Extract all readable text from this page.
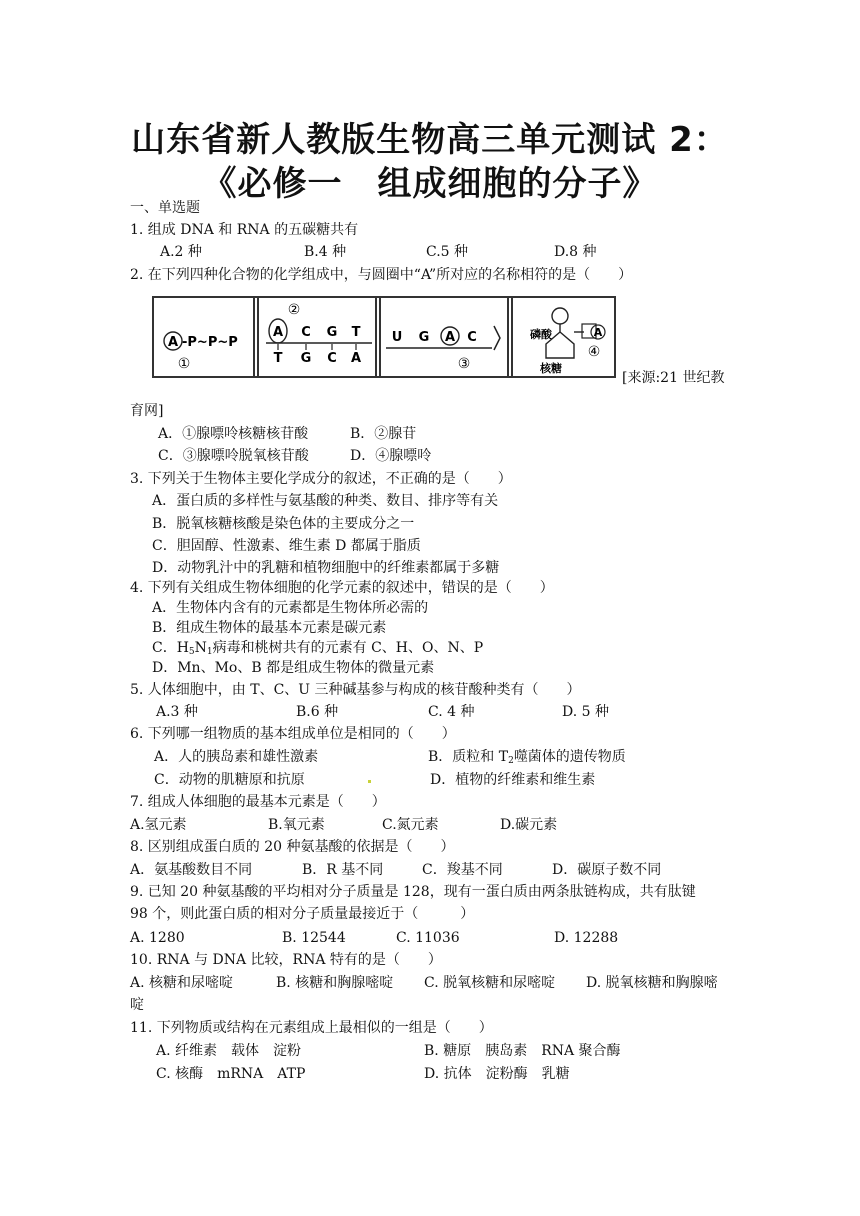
山东省新人教版生物高三单元测试 2：
《必修一　组成细胞的分子》
一、单选题
1. 组成 DNA 和 RNA 的五碳糖共有
A.2 种	B.4 种	C.5 种	D.8 种
2. 在下列四种化合物的化学组成中，与圆圈中“A”所对应的名称相符的是（　　）
A -P~P~P
①
②
A C G T
T G C A
U G A C
③
磷酸	A
④
核糖
[来源:21 世纪教
育网]
A．①腺嘌呤核糖核苷酸	B．②腺苷
C．③腺嘌呤脱氧核苷酸	D．④腺嘌呤
3. 下列关于生物体主要化学成分的叙述，不正确的是（　　）
A．蛋白质的多样性与氨基酸的种类、数目、排序等有关
B．脱氧核糖核酸是染色体的主要成分之一
C．胆固醇、性激素、维生素 D 都属于脂质
D．动物乳汁中的乳糖和植物细胞中的纤维素都属于多糖
4. 下列有关组成生物体细胞的化学元素的叙述中，错误的是（　　）
A．生物体内含有的元素都是生物体所必需的
B．组成生物体的最基本元素是碳元素
C．$H_5N_1$病毒和桃树共有的元素有 C、H、O、N、P
D．Mn、Mo、B 都是组成生物体的微量元素
5. 人体细胞中，由 T、C、U 三种碱基参与构成的核苷酸种类有（　　）
A.3 种	B.6 种	C. 4 种	D. 5 种
6. 下列哪一组物质的基本组成单位是相同的（　　）
A．人的胰岛素和雄性激素	B．质粒和 $T_2$噬菌体的遗传物质
C．动物的肌糖原和抗原	D．植物的纤维素和维生素
7. 组成人体细胞的最基本元素是（　　）
A.氢元素	B.氧元素	C.氮元素	D.碳元素
8. 区别组成蛋白质的 20 种氨基酸的依据是（　　）
A．氨基酸数目不同	B．R 基不同	C．羧基不同	D．碳原子数不同
9. 已知 20 种氨基酸的平均相对分子质量是 128，现有一蛋白质由两条肽链构成，共有肽键
98 个，则此蛋白质的相对分子质量最接近于（　　　）
A. 1280	B. 12544	C. 11036	D. 12288
10. RNA 与 DNA 比较，RNA 特有的是（　　）
A. 核糖和尿嘧啶	B. 核糖和胸腺嘧啶 C. 脱氧核糖和尿嘧啶 D. 脱氧核糖和胸腺嘧
啶
11. 下列物质或结构在元素组成上最相似的一组是（　　）
A. 纤维素　载体　淀粉	B. 糖原　胰岛素　RNA 聚合酶
C. 核酶　mRNA　ATP	D. 抗体　淀粉酶　乳糖
